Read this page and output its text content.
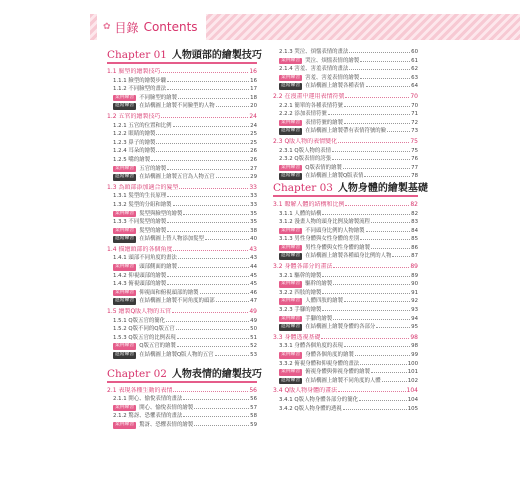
✿ 目錄 Contents
Chapter 01 人物頭部的繪製技巧
1.1 臉型的繪製技巧	16
1.1.1 臉型的繪製步驟	16
1.1.2 不同臉型的畫法	17
案例練習 不同臉型的繪製	18
進階練習 在結構圖上繪製不同臉型的人物	20
1.2 五官的繪製技巧	24
1.2.1 五官的位置和比例	24
1.2.2 眼睛的繪製	25
1.2.3 鼻子的繪製	25
1.2.4 耳朵的繪製	26
1.2.5 嘴的繪製	26
案例練習 五官的繪製	27
進階練習 在結構圖上繪製五官為人物五官	29
1.3 為頭部添加適合的髮型	33
1.3.1 髮型的生長原理	33
1.3.2 髮型的分組和繪製	33
案例練習 髮型與臉型的繪製	35
1.3.3 不同髮型的繪製	35
案例練習 髮型的繪製	38
進階練習 在結構圖上替人物添加髮型	40
1.4 描繪頭部的各個角度	43
1.4.1 頭部不同角度的畫法	43
案例練習 頭部側面的繪製	44
1.4.2 仰視頭部的繪製	45
1.4.3 俯視頭部的繪製	45
案例練習 仰視面和俯視頭部的繪製	46
進階練習 在結構圖上繪製不同角度的頭部	47
1.5 繪製Q版人物的五官	49
1.5.1 Q版五官的簡化	49
1.5.2 Q版不同的Q版五官	50
1.5.3 Q版五官的比例表現	51
案例練習 Q版五官的繪製	52
進階練習 在結構圖上繪製Q版人物的五官	53
Chapter 02 人物表情的繪製技巧
2.1 表現各種生動的表情	56
2.1.1 開心、愉悅表情的畫法	56
案例練習 開心、愉悅表情的繪製	57
2.1.2 驚訝、恐懼表情的畫法	58
案例練習 驚訝、恐懼表情的繪製	59
2.1.3 哭泣、煩惱表情的畫法	60
案例練習 哭泣、煩惱表情的繪製	61
2.1.4 害羞、害羞表情的畫法	62
案例練習 害羞、害羞表情的繪製	63
進階練習 在結構圖上繪製各種表情	64
2.2 在漫畫中運用表情符號	70
2.2.1 簡單的各種表情符號	70
2.2.2 添加表情符號	71
案例練習 表情符號的繪製	72
進階練習 在結構圖上繪製帶有表情符號的臉	73
2.3 Q版人物的表情變化	75
2.3.1 Q版人物的表情	75
2.3.2 Q版表情的誇張	76
案例練習 Q版表情的繪製	77
進階練習 在結構圖上繪製Q版表情	78
Chapter 03 人物身體的繪製基礎
3.1 瞭解人體的結構和比例	82
3.1.1 人體的結構	82
3.1.2 漫畫人物的頭身比例及繪製流程	83
案例練習 不同頭身比例的人物繪製	84
3.1.3 男性身體與女性身體的差別	85
案例練習 男性身體與女性身體的繪製	86
進階練習 在結構圖上繪製各種頭身比例的人物	87
3.2 身體各部分的畫法	89
3.2.1 驅幹的繪製	89
案例練習 驅幹的繪製	90
3.2.2 四肢的繪製	91
案例練習 人體四肢的繪製	92
3.2.3 手腳的繪製	93
案例練習 手腳的繪製	94
進階練習 在結構圖上繪製身體的各部分	95
3.3 身體透視基礎	98
3.3.1 身體各個角度的表現	98
案例練習 身體各個角度的繪製	99
3.3.2 俯視身體和仰視身體的畫法	100
案例練習 俯視身體與仰視身體的繪製	101
進階練習 在結構圖上繪製不同角度的人體	102
3.4 Q版人物身體的畫法	104
3.4.1 Q版人物身體各部分的簡化	104
3.4.2 Q版人物身體的透視	105
